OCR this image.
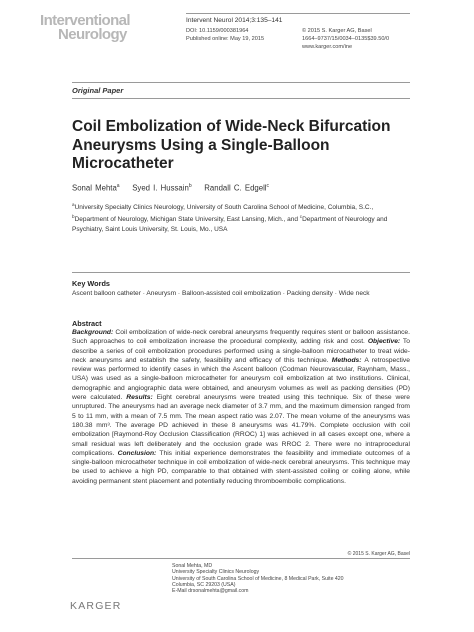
Interventional
Neurology
Intervent Neurol 2014;3:135–141
DOI: 10.1159/000381964
Published online: May 19, 2015
© 2015 S. Karger AG, Basel
1664–9737/15/0034–0135$39.50/0
www.karger.com/ine
Original Paper
Coil Embolization of Wide-Neck Bifurcation Aneurysms Using a Single-Balloon Microcatheter
Sonal Mehta$^a$ Syed I. Hussain$^b$ Randall C. Edgell$^c$
$^a$University Specialty Clinics Neurology, University of South Carolina School of Medicine, Columbia, S.C., $^b$Department of Neurology, Michigan State University, East Lansing, Mich., and $^c$Department of Neurology and Psychiatry, Saint Louis University, St. Louis, Mo., USA
Key Words
Ascent balloon catheter · Aneurysm · Balloon-assisted coil embolization · Packing density · Wide neck
Abstract
Background: Coil embolization of wide-neck cerebral aneurysms frequently requires stent or balloon assistance. Such approaches to coil embolization increase the procedural complexity, adding risk and cost. Objective: To describe a series of coil embolization procedures performed using a single-balloon microcatheter to treat wide-neck aneurysms and establish the safety, feasibility and efficacy of this technique. Methods: A retrospective review was performed to identify cases in which the Ascent balloon (Codman Neurovascular, Raynham, Mass., USA) was used as a single-balloon microcatheter for aneurysm coil embolization at two institutions. Clinical, demographic and angiographic data were obtained, and aneurysm volumes as well as packing densities (PD) were calculated. Results: Eight cerebral aneurysms were treated using this technique. Six of these were unruptured. The aneurysms had an average neck diameter of 3.7 mm, and the maximum dimension ranged from 5 to 11 mm, with a mean of 7.5 mm. The mean aspect ratio was 2.07. The mean volume of the aneurysms was 180.38 mm³. The average PD achieved in these 8 aneurysms was 41.79%. Complete occlusion with coil embolization [Raymond-Roy Occlusion Classification (RROC) 1] was achieved in all cases except one, where a small residual was left deliberately and the occlusion grade was RROC 2. There were no intraprocedural complications. Conclusion: This initial experience demonstrates the feasibility and immediate outcomes of a single-balloon microcatheter technique in coil embolization of wide-neck cerebral aneurysms. This technique may be used to achieve a high PD, comparable to that obtained with stent-assisted coiling or coiling alone, while avoiding permanent stent placement and potentially reducing thromboembolic complications.
© 2015 S. Karger AG, Basel
Sonal Mehta, MD
University Specialty Clinics Neurology
University of South Carolina School of Medicine, 8 Medical Park, Suite 420
Columbia, SC 29203 (USA)
E-Mail drsonalmehta@gmail.com
KARGER
